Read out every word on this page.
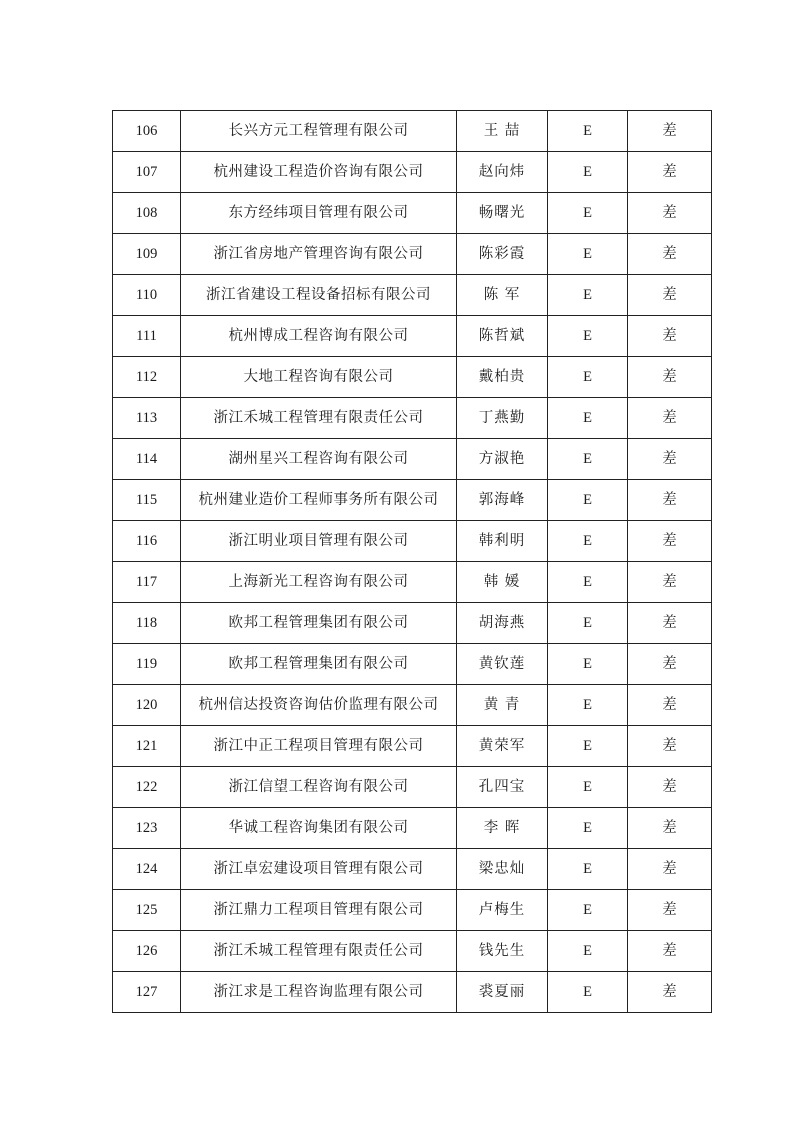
106	长兴方元工程管理有限公司	王 喆	E	差
107	杭州建设工程造价咨询有限公司	赵向炜	E	差
108	东方经纬项目管理有限公司	畅曙光	E	差
109	浙江省房地产管理咨询有限公司	陈彩霞	E	差
110	浙江省建设工程设备招标有限公司	陈 军	E	差
111	杭州博成工程咨询有限公司	陈哲斌	E	差
112	大地工程咨询有限公司	戴柏贵	E	差
113	浙江禾城工程管理有限责任公司	丁燕勤	E	差
114	湖州星兴工程咨询有限公司	方淑艳	E	差
115	杭州建业造价工程师事务所有限公司	郭海峰	E	差
116	浙江明业项目管理有限公司	韩利明	E	差
117	上海新光工程咨询有限公司	韩 媛	E	差
118	欧邦工程管理集团有限公司	胡海燕	E	差
119	欧邦工程管理集团有限公司	黄钦莲	E	差
120	杭州信达投资咨询估价监理有限公司	黄 青	E	差
121	浙江中正工程项目管理有限公司	黄荣军	E	差
122	浙江信望工程咨询有限公司	孔四宝	E	差
123	华诚工程咨询集团有限公司	李 晖	E	差
124	浙江卓宏建设项目管理有限公司	梁忠灿	E	差
125	浙江鼎力工程项目管理有限公司	卢梅生	E	差
126	浙江禾城工程管理有限责任公司	钱先生	E	差
127	浙江求是工程咨询监理有限公司	裘夏丽	E	差
